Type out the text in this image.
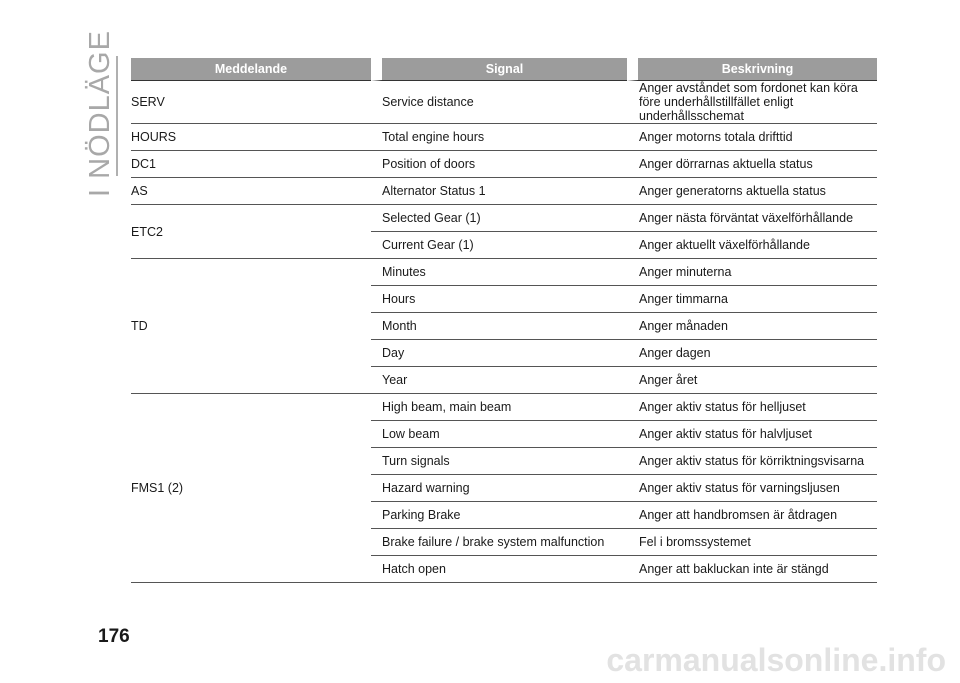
I NÖDLÄGE	Meddelande	Signal	Beskrivning
SERV	Service distance	Anger avståndet som fordonet kan köra före underhållstillfället enligt underhållsschemat
HOURS	Total engine hours	Anger motorns totala drifttid
DC1	Position of doors	Anger dörrarnas aktuella status
AS	Alternator Status 1	Anger generatorns aktuella status
ETC2	Selected Gear (1)	Anger nästa förväntat växelförhållande
	Current Gear (1)	Anger aktuellt växelförhållande
TD	Minutes	Anger minuterna
	Hours	Anger timmarna
	Month	Anger månaden
	Day	Anger dagen
	Year	Anger året
FMS1 (2)	High beam, main beam	Anger aktiv status för helljuset
	Low beam	Anger aktiv status för halvljuset
	Turn signals	Anger aktiv status för körriktningsvisarna
	Hazard warning	Anger aktiv status för varningsljusen
	Parking Brake	Anger att handbromsen är åtdragen
	Brake failure / brake system malfunction	Fel i bromssystemet
	Hatch open	Anger att bakluckan inte är stängd
176
carmanualsonline.info
